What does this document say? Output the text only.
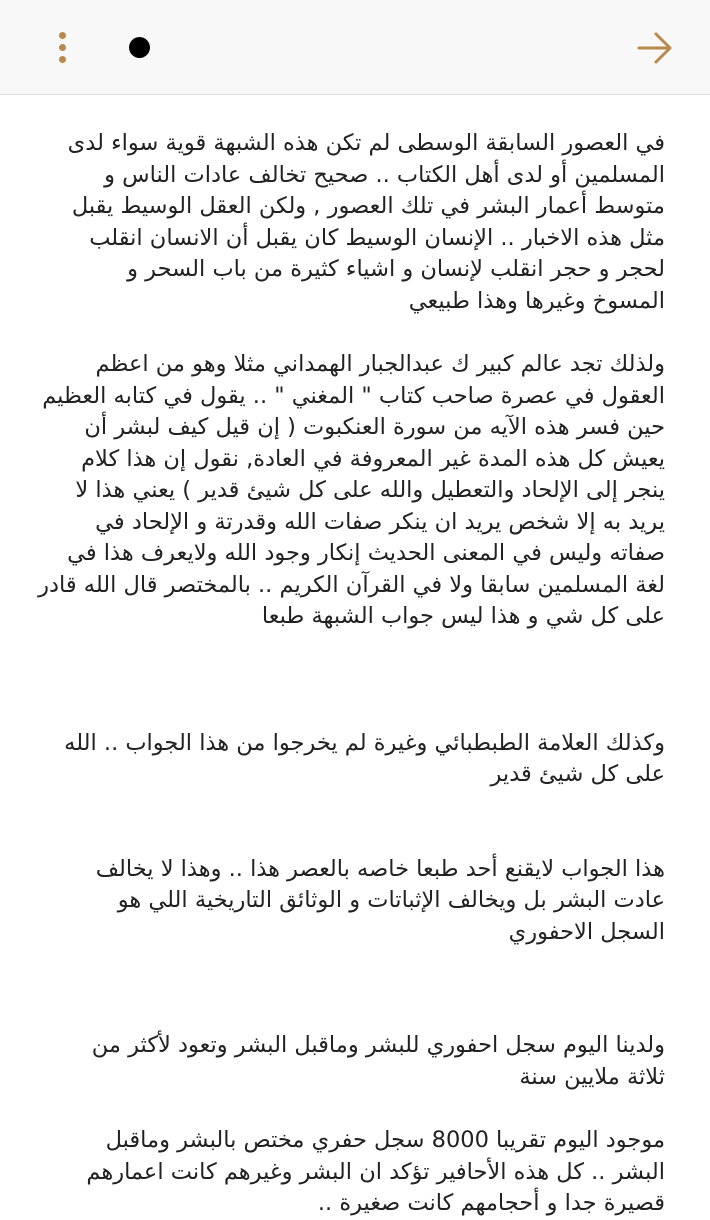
في العصور السابقة الوسطى لم تكن هذه الشبهة قوية سواء لدى
المسلمين أو لدى أهل الكتاب .. صحيح تخالف عادات الناس و
متوسط أعمار البشر في تلك العصور , ولكن العقل الوسيط يقبل
مثل هذه الاخبار .. الإنسان الوسيط كان يقبل أن الانسان انقلب
لحجر و حجر انقلب لإنسان و اشياء كثيرة من باب السحر و
المسوخ وغيرها وهذا طبيعي

ولذلك تجد عالم كبير ك عبدالجبار الهمداني مثلا وهو من اعظم
العقول في عصرة صاحب كتاب " المغني " .. يقول في كتابه العظيم
حين فسر هذه الآيه من سورة العنكبوت ( إن قيل كيف لبشر أن
يعيش كل هذه المدة غير المعروفة في العادة, نقول إن هذا كلام
ينجر إلى الإلحاد والتعطيل والله على كل شيئ قدير ) يعني هذا لا
يريد به إلا شخص يريد ان ينكر صفات الله وقدرتة و الإلحاد في
صفاته وليس في المعنى الحديث إنكار وجود الله ولايعرف هذا في
لغة المسلمين سابقا ولا في القرآن الكريم .. بالمختصر قال الله قادر
على كل شي و هذا ليس جواب الشبهة طبعا

وكذلك العلامة الطبطبائي وغيرة لم يخرجوا من هذا الجواب .. الله
على كل شيئ قدير

هذا الجواب لايقنع أحد طبعا خاصه بالعصر هذا .. وهذا لا يخالف
عادت البشر بل ويخالف الإثباتات و الوثائق التاريخية اللي هو
السجل الاحفوري

ولدينا اليوم سجل احفوري للبشر وماقبل البشر وتعود لأكثر من
ثلاثة ملايين سنة

موجود اليوم تقريبا 8000 سجل حفري مختص بالبشر وماقبل
البشر .. كل هذه الأحافير تؤكد ان البشر وغيرهم كانت اعمارهم
قصيرة جدا و أحجامهم كانت صغيرة ..
